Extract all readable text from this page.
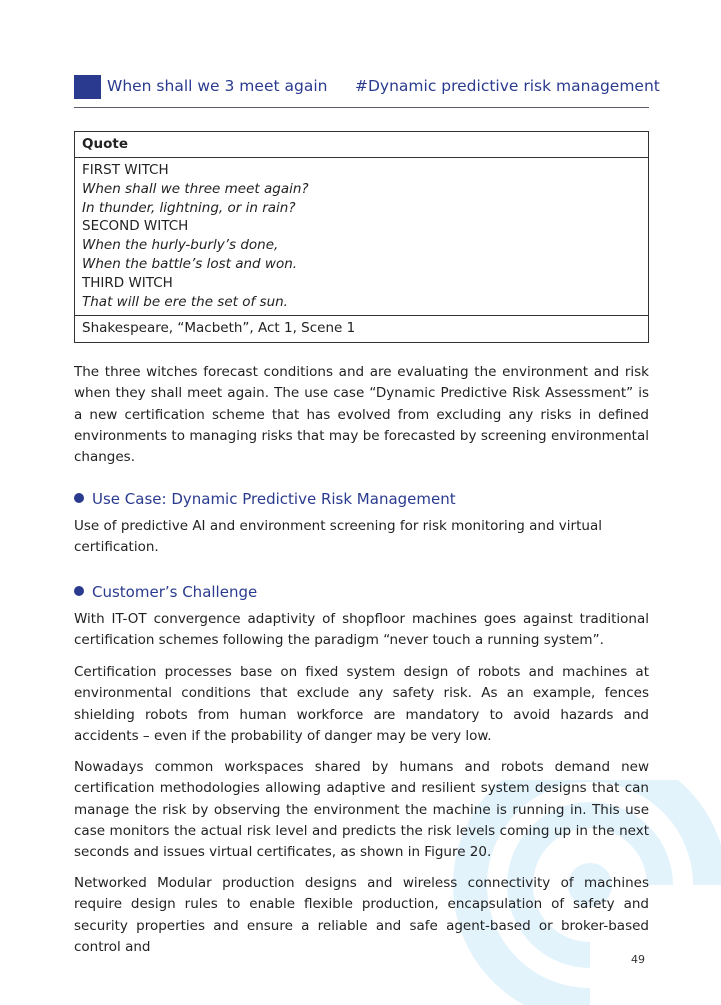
When shall we 3 meet again #Dynamic predictive risk management
Quote
FIRST WITCH
When shall we three meet again?
In thunder, lightning, or in rain?
SECOND WITCH
When the hurly-burly’s done,
When the battle’s lost and won.
THIRD WITCH
That will be ere the set of sun.
Shakespeare, “Macbeth”, Act 1, Scene 1

The three witches forecast conditions and are evaluating the environment and risk when they shall meet again. The use case “Dynamic Predictive Risk Assessment” is a new certification scheme that has evolved from excluding any risks in defined environments to managing risks that may be forecasted by screening environmental changes.

Use Case: Dynamic Predictive Risk Management

Use of predictive AI and environment screening for risk monitoring and virtual certification.

Customer’s Challenge

With IT-OT convergence adaptivity of shopfloor machines goes against traditional certification schemes following the paradigm “never touch a running system”.

Certification processes base on fixed system design of robots and machines at environmental conditions that exclude any safety risk. As an example, fences shielding robots from human workforce are mandatory to avoid hazards and accidents – even if the probability of danger may be very low.

Nowadays common workspaces shared by humans and robots demand new certification methodologies allowing adaptive and resilient system designs that can manage the risk by observing the environment the machine is running in. This use case monitors the actual risk level and predicts the risk levels coming up in the next seconds and issues virtual certificates, as shown in Figure 20.

Networked Modular production designs and wireless connectivity of machines require design rules to enable flexible production, encapsulation of safety and security properties and ensure a reliable and safe agent-based or broker-based control and

49
